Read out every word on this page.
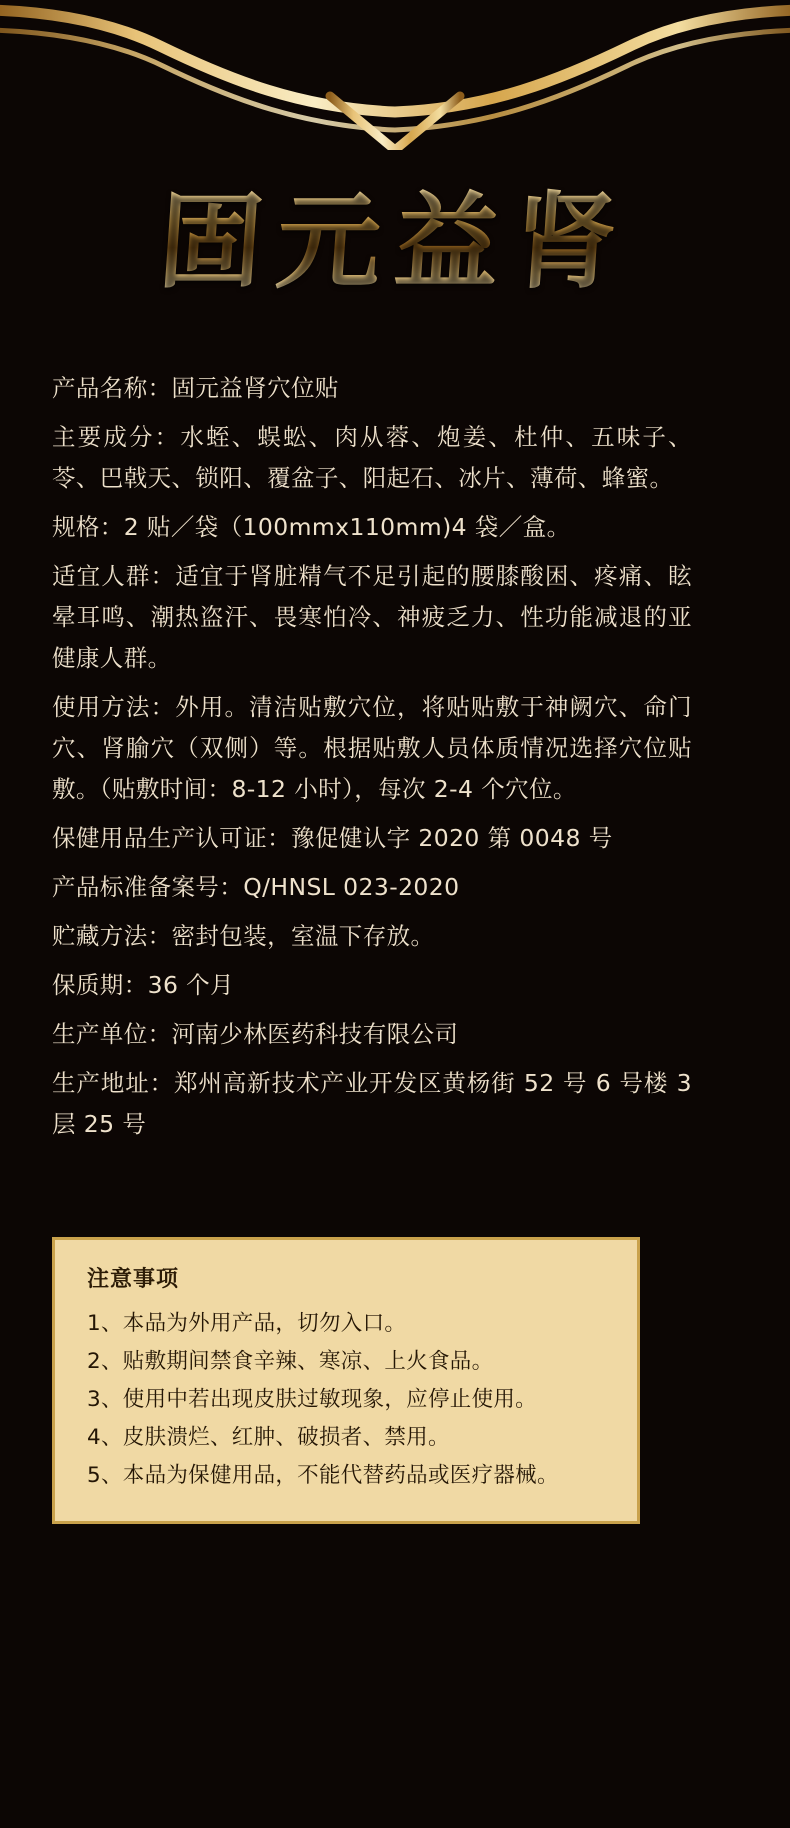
固元益肾

产品名称：固元益肾穴位贴

主要成分：水蛭、蜈蚣、肉从蓉、炮姜、杜仲、五味子、苓、巴戟天、锁阳、覆盆子、阳起石、冰片、薄荷、蜂蜜。

规格：2 贴／袋（100mmx110mm)4 袋／盒。

适宜人群：适宜于肾脏精气不足引起的腰膝酸困、疼痛、眩晕耳鸣、潮热盗汗、畏寒怕冷、神疲乏力、性功能减退的亚健康人群。

使用方法：外用。清洁贴敷穴位，将贴贴敷于神阙穴、命门穴、肾腧穴（双侧）等。根据贴敷人员体质情况选择穴位贴敷。（贴敷时间：8-12 小时），每次 2-4 个穴位。

保健用品生产认可证：豫促健认字 2020 第 0048 号

产品标准备案号：Q/HNSL 023-2020

贮藏方法：密封包装，室温下存放。

保质期：36 个月

生产单位：河南少林医药科技有限公司

生产地址：郑州高新技术产业开发区黄杨街 52 号 6 号楼 3 层 25 号

注意事项

1、本品为外用产品，切勿入口。

2、贴敷期间禁食辛辣、寒凉、上火食品。

3、使用中若出现皮肤过敏现象，应停止使用。

4、皮肤溃烂、红肿、破损者、禁用。

5、本品为保健用品，不能代替药品或医疗器械。
